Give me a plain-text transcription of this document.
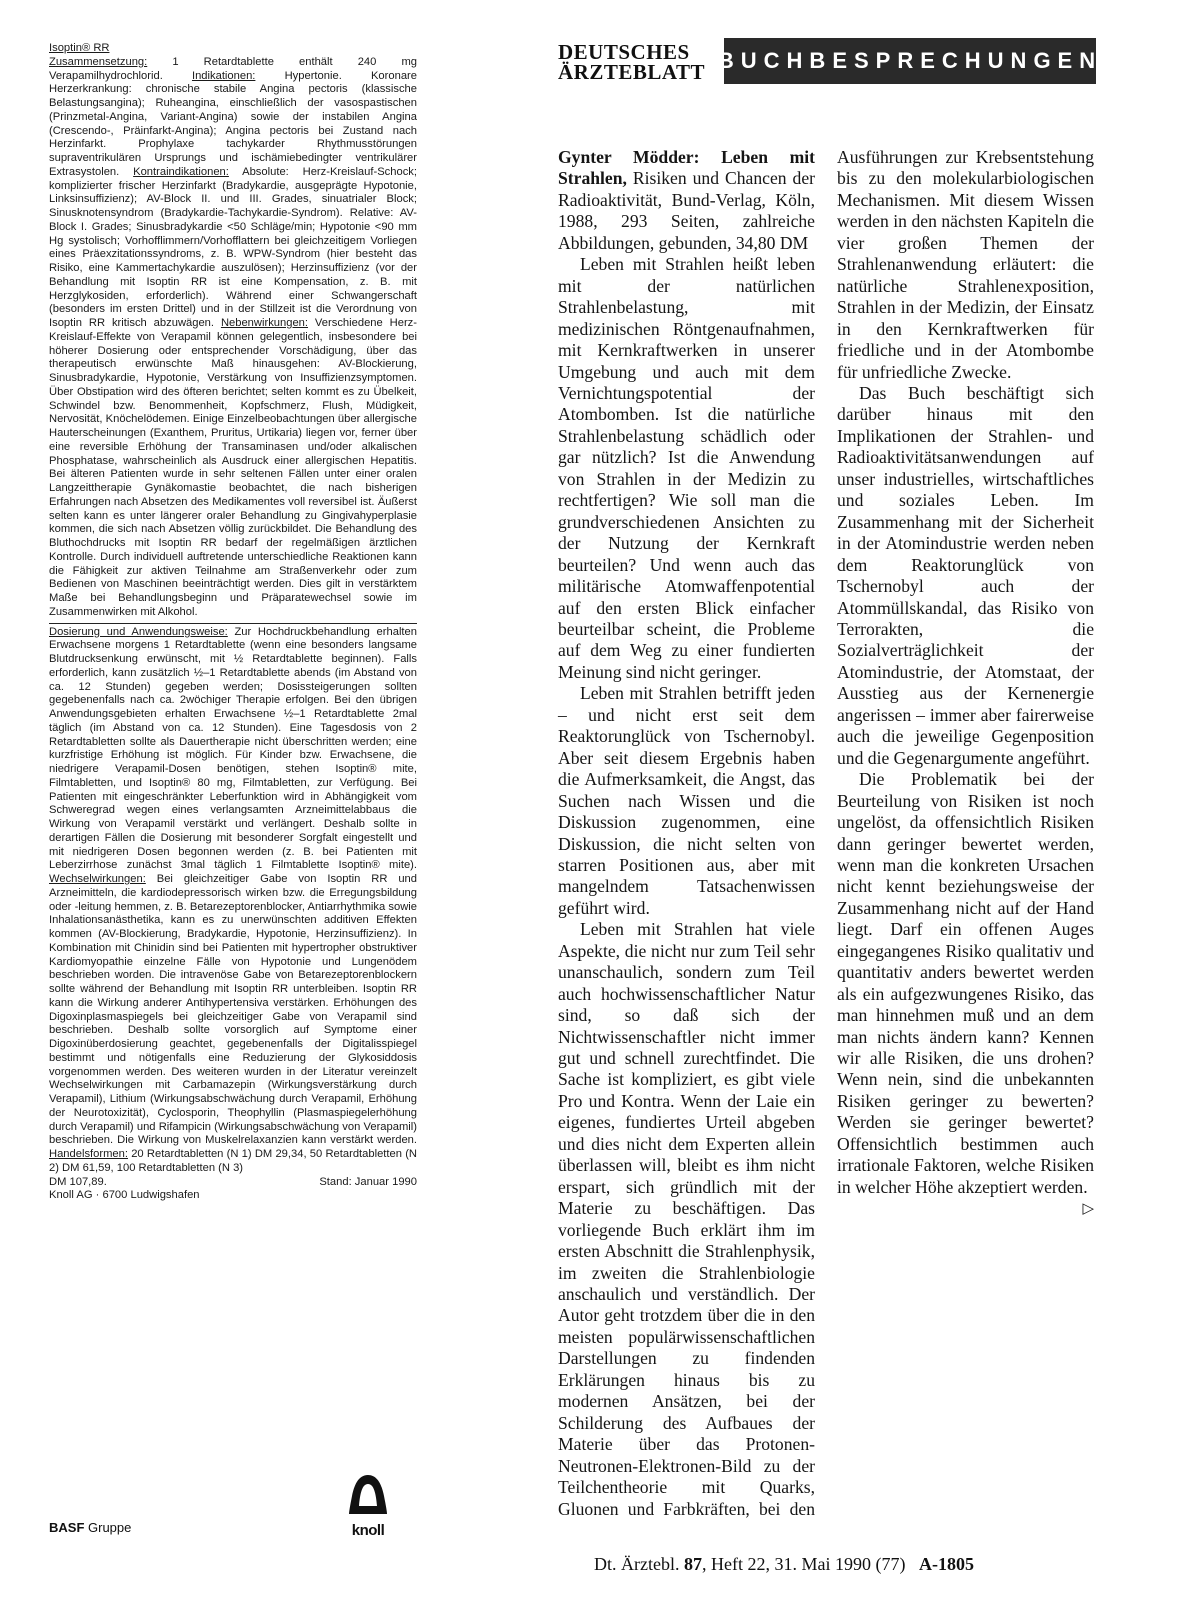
Isoptin® RR
Zusammensetzung: 1 Retardtablette enthält 240 mg Verapamilhydrochlorid. Indikationen: Hypertonie. Koronare Herzerkrankung: chronische stabile Angina pectoris (klassische Belastungsangina); Ruheangina, einschließlich der vasospastischen (Prinzmetal-Angina, Variant-Angina) sowie der instabilen Angina (Crescendo-, Präinfarkt-Angina); Angina pectoris bei Zustand nach Herzinfarkt. Prophylaxe tachykarder Rhythmusstörungen supraventrikulären Ursprungs und ischämiebedingter ventrikulärer Extrasystolen. Kontraindikationen: Absolute: Herz-Kreislauf-Schock; komplizierter frischer Herzinfarkt (Bradykardie, ausgeprägte Hypotonie, Linksinsuffizienz); AV-Block II. und III. Grades, sinuatrialer Block; Sinusknotensyndrom (Bradykardie-Tachykardie-Syndrom). Relative: AV-Block I. Grades; Sinusbradykardie <50 Schläge/min; Hypotonie <90 mm Hg systolisch; Vorhofflimmern/Vorhofflattern bei gleichzeitigem Vorliegen eines Präexzitationssyndroms, z. B. WPW-Syndrom (hier besteht das Risiko, eine Kammertachykardie auszulösen); Herzinsuffizienz (vor der Behandlung mit Isoptin RR ist eine Kompensation, z. B. mit Herzglykosiden, erforderlich). Während einer Schwangerschaft (besonders im ersten Drittel) und in der Stillzeit ist die Verordnung von Isoptin RR kritisch abzuwägen. Nebenwirkungen: Verschiedene Herz-Kreislauf-Effekte von Verapamil können gelegentlich, insbesondere bei höherer Dosierung oder entsprechender Vorschädigung, über das therapeutisch erwünschte Maß hinausgehen: AV-Blockierung, Sinusbradykardie, Hypotonie, Verstärkung von Insuffizienzsymptomen. Über Obstipation wird des öfteren berichtet; selten kommt es zu Übelkeit, Schwindel bzw. Benommenheit, Kopfschmerz, Flush, Müdigkeit, Nervosität, Knöchelödemen. Einige Einzelbeobachtungen über allergische Hauterscheinungen (Exanthem, Pruritus, Urtikaria) liegen vor, ferner über eine reversible Erhöhung der Transaminasen und/oder alkalischen Phosphatase, wahrscheinlich als Ausdruck einer allergischen Hepatitis. Bei älteren Patienten wurde in sehr seltenen Fällen unter einer oralen Langzeittherapie Gynäkomastie beobachtet, die nach bisherigen Erfahrungen nach Absetzen des Medikamentes voll reversibel ist. Äußerst selten kann es unter längerer oraler Behandlung zu Gingivahyperplasie kommen, die sich nach Absetzen völlig zurückbildet. Die Behandlung des Bluthochdrucks mit Isoptin RR bedarf der regelmäßigen ärztlichen Kontrolle. Durch individuell auftretende unterschiedliche Reaktionen kann die Fähigkeit zur aktiven Teilnahme am Straßenverkehr oder zum Bedienen von Maschinen beeinträchtigt werden. Dies gilt in verstärktem Maße bei Behandlungsbeginn und Präparatewechsel sowie im Zusammenwirken mit Alkohol.

Dosierung und Anwendungsweise: Zur Hochdruckbehandlung erhalten Erwachsene morgens 1 Retardtablette (wenn eine besonders langsame Blutdrucksenkung erwünscht, mit ½ Retardtablette beginnen). Falls erforderlich, kann zusätzlich ½–1 Retardtablette abends (im Abstand von ca. 12 Stunden) gegeben werden; Dosissteigerungen sollten gegebenenfalls nach ca. 2wöchiger Therapie erfolgen. Bei den übrigen Anwendungsgebieten erhalten Erwachsene ½–1 Retardtablette 2mal täglich (im Abstand von ca. 12 Stunden). Eine Tagesdosis von 2 Retardtabletten sollte als Dauertherapie nicht überschritten werden; eine kurzfristige Erhöhung ist möglich. Für Kinder bzw. Erwachsene, die niedrigere Verapamil-Dosen benötigen, stehen Isoptin® mite, Filmtabletten, und Isoptin® 80 mg, Filmtabletten, zur Verfügung. Bei Patienten mit eingeschränkter Leberfunktion wird in Abhängigkeit vom Schweregrad wegen eines verlangsamten Arzneimittelabbaus die Wirkung von Verapamil verstärkt und verlängert. Deshalb sollte in derartigen Fällen die Dosierung mit besonderer Sorgfalt eingestellt und mit niedrigeren Dosen begonnen werden (z. B. bei Patienten mit Leberzirrhose zunächst 3mal täglich 1 Filmtablette Isoptin® mite). Wechselwirkungen: Bei gleichzeitiger Gabe von Isoptin RR und Arzneimitteln, die kardiodepressorisch wirken bzw. die Erregungsbildung oder -leitung hemmen, z. B. Betarezeptorenblocker, Antiarrhythmika sowie Inhalationsanästhetika, kann es zu unerwünschten additiven Effekten kommen (AV-Blockierung, Bradykardie, Hypotonie, Herzinsuffizienz). In Kombination mit Chinidin sind bei Patienten mit hypertropher obstruktiver Kardiomyopathie einzelne Fälle von Hypotonie und Lungenödem beschrieben worden. Die intravenöse Gabe von Betarezeptorenblockern sollte während der Behandlung mit Isoptin RR unterbleiben. Isoptin RR kann die Wirkung anderer Antihypertensiva verstärken. Erhöhungen des Digoxinplasmaspiegels bei gleichzeitiger Gabe von Verapamil sind beschrieben. Deshalb sollte vorsorglich auf Symptome einer Digoxinüberdosierung geachtet, gegebenenfalls der Digitalisspiegel bestimmt und nötigenfalls eine Reduzierung der Glykosiddosis vorgenommen werden. Des weiteren wurden in der Literatur vereinzelt Wechselwirkungen mit Carbamazepin (Wirkungsverstärkung durch Verapamil), Lithium (Wirkungsabschwächung durch Verapamil, Erhöhung der Neurotoxizität), Cyclosporin, Theophyllin (Plasmaspiegelerhöhung durch Verapamil) und Rifampicin (Wirkungsabschwächung von Verapamil) beschrieben. Die Wirkung von Muskelrelaxanzien kann verstärkt werden. Handelsformen: 20 Retardtabletten (N 1) DM 29,34, 50 Retardtabletten (N 2) DM 61,59, 100 Retardtabletten (N 3)

DM 107,89.	Stand: Januar 1990

Knoll AG · 6700 Ludwigshafen

DEUTSCHES
ÄRZTEBLATT BUCHBESPRECHUNGEN

Gynter Mödder: Leben mit Strahlen, Risiken und Chancen der Radioaktivität, Bund-Verlag, Köln, 1988, 293 Seiten, zahlreiche Abbildungen, gebunden, 34,80 DM

Leben mit Strahlen heißt leben mit der natürlichen Strahlenbelastung, mit medizinischen Röntgenaufnahmen, mit Kernkraftwerken in unserer Umgebung und auch mit dem Vernichtungspotential der Atombomben. Ist die natürliche Strahlenbelastung schädlich oder gar nützlich? Ist die Anwendung von Strahlen in der Medizin zu rechtfertigen? Wie soll man die grundverschiedenen Ansichten zu der Nutzung der Kernkraft beurteilen? Und wenn auch das militärische Atomwaffenpotential auf den ersten Blick einfacher beurteilbar scheint, die Probleme auf dem Weg zu einer fundierten Meinung sind nicht geringer.

Leben mit Strahlen betrifft jeden – und nicht erst seit dem Reaktorunglück von Tschernobyl. Aber seit diesem Ergebnis haben die Aufmerksamkeit, die Angst, das Suchen nach Wissen und die Diskussion zugenommen, eine Diskussion, die nicht selten von starren Positionen aus, aber mit mangelndem Tatsachenwissen geführt wird.

Leben mit Strahlen hat viele Aspekte, die nicht nur zum Teil sehr unanschaulich, sondern zum Teil auch hochwissenschaftlicher Natur sind, so daß sich der Nichtwissenschaftler nicht immer gut und schnell zurechtfindet. Die Sache ist kompliziert, es gibt viele Pro und Kontra. Wenn der Laie ein eigenes, fundiertes Urteil abgeben und dies nicht dem Experten allein überlassen will, bleibt es ihm nicht erspart, sich gründlich mit der Materie zu beschäftigen. Das vorliegende Buch erklärt ihm im ersten Abschnitt die Strahlenphysik, im zweiten die Strahlenbiologie anschaulich und verständlich. Der Autor geht trotzdem über die in den meisten populärwissenschaftlichen Darstellungen zu findenden Erklärungen hinaus bis zu modernen Ansätzen, bei der Schilderung des Aufbaues der Materie über das Protonen-Neutronen-Elektronen-Bild zu der Teilchentheorie mit Quarks, Gluonen und Farbkräften, bei den Ausführungen zur Krebsentstehung bis zu den molekularbiologischen Mechanismen. Mit diesem Wissen werden in den nächsten Kapiteln die vier großen Themen der Strahlenanwendung erläutert: die natürliche Strahlenexposition, Strahlen in der Medizin, der Einsatz in den Kernkraftwerken für friedliche und in der Atombombe für unfriedliche Zwecke.

Das Buch beschäftigt sich darüber hinaus mit den Implikationen der Strahlen- und Radioaktivitätsanwendungen auf unser industrielles, wirtschaftliches und soziales Leben. Im Zusammenhang mit der Sicherheit in der Atomindustrie werden neben dem Reaktorunglück von Tschernobyl auch der Atommüllskandal, das Risiko von Terrorakten, die Sozialverträglichkeit der Atomindustrie, der Atomstaat, der Ausstieg aus der Kernenergie angerissen – immer aber fairerweise auch die jeweilige Gegenposition und die Gegenargumente angeführt.

Die Problematik bei der Beurteilung von Risiken ist noch ungelöst, da offensichtlich Risiken dann geringer bewertet werden, wenn man die konkreten Ursachen nicht kennt beziehungsweise der Zusammenhang nicht auf der Hand liegt. Darf ein offenen Auges eingegangenes Risiko qualitativ und quantitativ anders bewertet werden als ein aufgezwungenes Risiko, das man hinnehmen muß und an dem man nichts ändern kann? Kennen wir alle Risiken, die uns drohen? Wenn nein, sind die unbekannten Risiken geringer zu bewerten? Werden sie geringer bewertet? Offensichtlich bestimmen auch irrationale Faktoren, welche Risiken in welcher Höhe akzeptiert werden.
▷

BASF Gruppe	knoll
Dt. Ärztebl. 87, Heft 22, 31. Mai 1990 (77) A-1805
